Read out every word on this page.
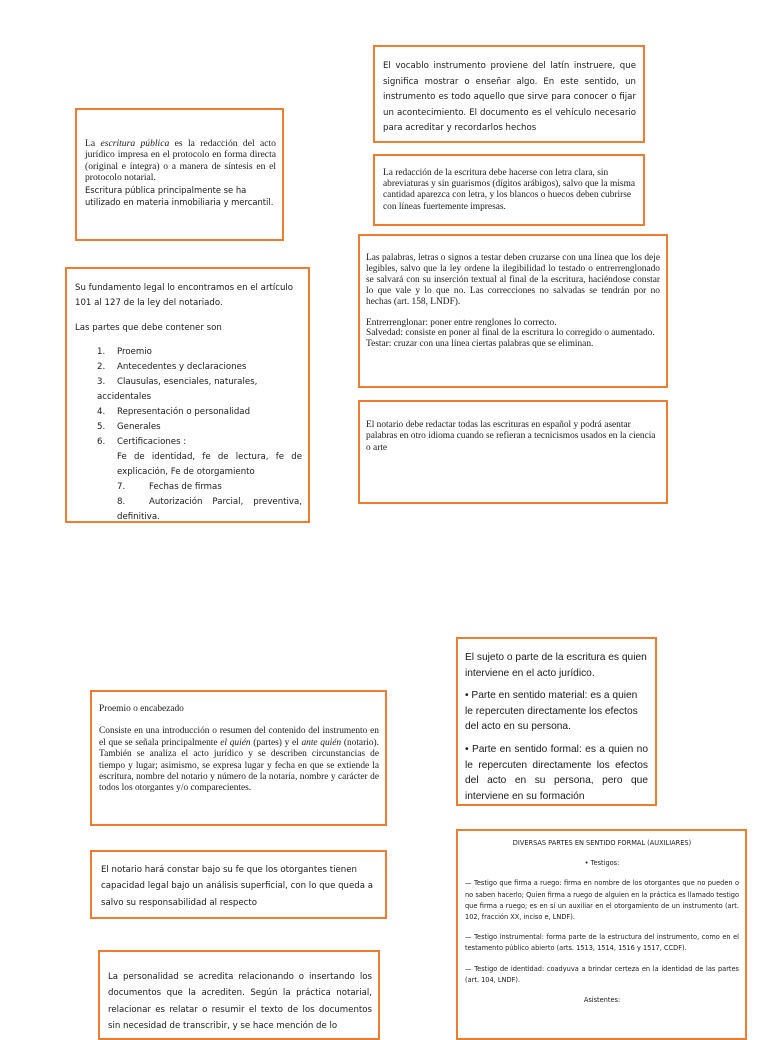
La escritura pública es la redacción del acto jurídico impresa en el protocolo en forma directa (original e íntegra) o a manera de síntesis en el protocolo notarial.

Escritura pública principalmente se ha utilizado en materia inmobiliaria y mercantil.

El vocablo instrumento proviene del latín instruere, que significa mostrar o enseñar algo. En este sentido, un instrumento es todo aquello que sirve para conocer o fijar un acontecimiento. El documento es el vehículo necesario para acreditar y recordarlos hechos

La redacción de la escritura debe hacerse con letra clara, sin abreviaturas y sin guarismos (dígitos arábigos), salvo que la misma cantidad aparezca con letra, y los blancos o huecos deben cubrirse con líneas fuertemente impresas.

Su fundamento legal lo encontramos en el artículo 101 al 127 de la ley del notariado.

Las partes que debe contener son

1. Proemio
2. Antecedentes y declaraciones
3. Clausulas, esenciales, naturales, accidentales
4. Representación o personalidad
5. Generales
6. Certificaciones :

Fe de identidad, fe de lectura, fe de explicación, Fe de otorgamiento

7.	Fechas de firmas

8.	Autorización Parcial, preventiva, definitiva.

Las palabras, letras o signos a testar deben cruzarse con una línea que los deje legibles, salvo que la ley ordene la ilegibilidad lo testado o entrerrenglonado se salvará con su inserción textual al final de la escritura, haciéndose constar lo que vale y lo que no. Las correcciones no salvadas se tendrán por no hechas (art. 158, LNDF).

Entrerrenglonar: poner entre renglones lo correcto.

Salvedad: consiste en poner al final de la escritura lo corregido o aumentado.

Testar: cruzar con una línea ciertas palabras que se eliminan.

El notario debe redactar todas las escrituras en español y podrá asentar palabras en otro idioma cuando se refieran a tecnicismos usados en la ciencia o arte

El sujeto o parte de la escritura es quien interviene en el acto jurídico.

• Parte en sentido material: es a quien le repercuten directamente los efectos del acto en su persona.

• Parte en sentido formal: es a quien no le repercuten directamente los efectos del acto en su persona, pero que interviene en su formación

Proemio o encabezado

Consiste en una introducción o resumen del contenido del instrumento en el que se señala principalmente el quién (partes) y el ante quién (notario). También se analiza el acto jurídico y se describen circunstancias de tiempo y lugar; asimismo, se expresa lugar y fecha en que se extiende la escritura, nombre del notario y número de la notaría, nombre y carácter de todos los otorgantes y/o comparecientes.

El notario hará constar bajo su fe que los otorgantes tienen capacidad legal bajo un análisis superficial, con lo que queda a salvo su responsabilidad al respecto

La personalidad se acredita relacionando o insertando los documentos que la acrediten. Según la práctica notarial, relacionar es relatar o resumir el texto de los documentos sin necesidad de transcribir, y se hace mención de lo

DIVERSAS PARTES EN SENTIDO FORMAL (AUXILIARES)

• Testigos:

— Testigo que firma a ruego: firma en nombre de los otorgantes que no pueden o no saben hacerlo; Quien firma a ruego de alguien en la práctica es llamado testigo que firma a ruego; es en sí un auxiliar en el otorgamiento de un instrumento (art. 102, fracción XX, inciso e, LNDF).

— Testigo instrumental: forma parte de la estructura del instrumento, como en el testamento público abierto (arts. 1513, 1514, 1516 y 1517, CCDF).

— Testigo de identidad: coadyuva a brindar certeza en la identidad de las partes (art. 104, LNDF).

Asistentes:
